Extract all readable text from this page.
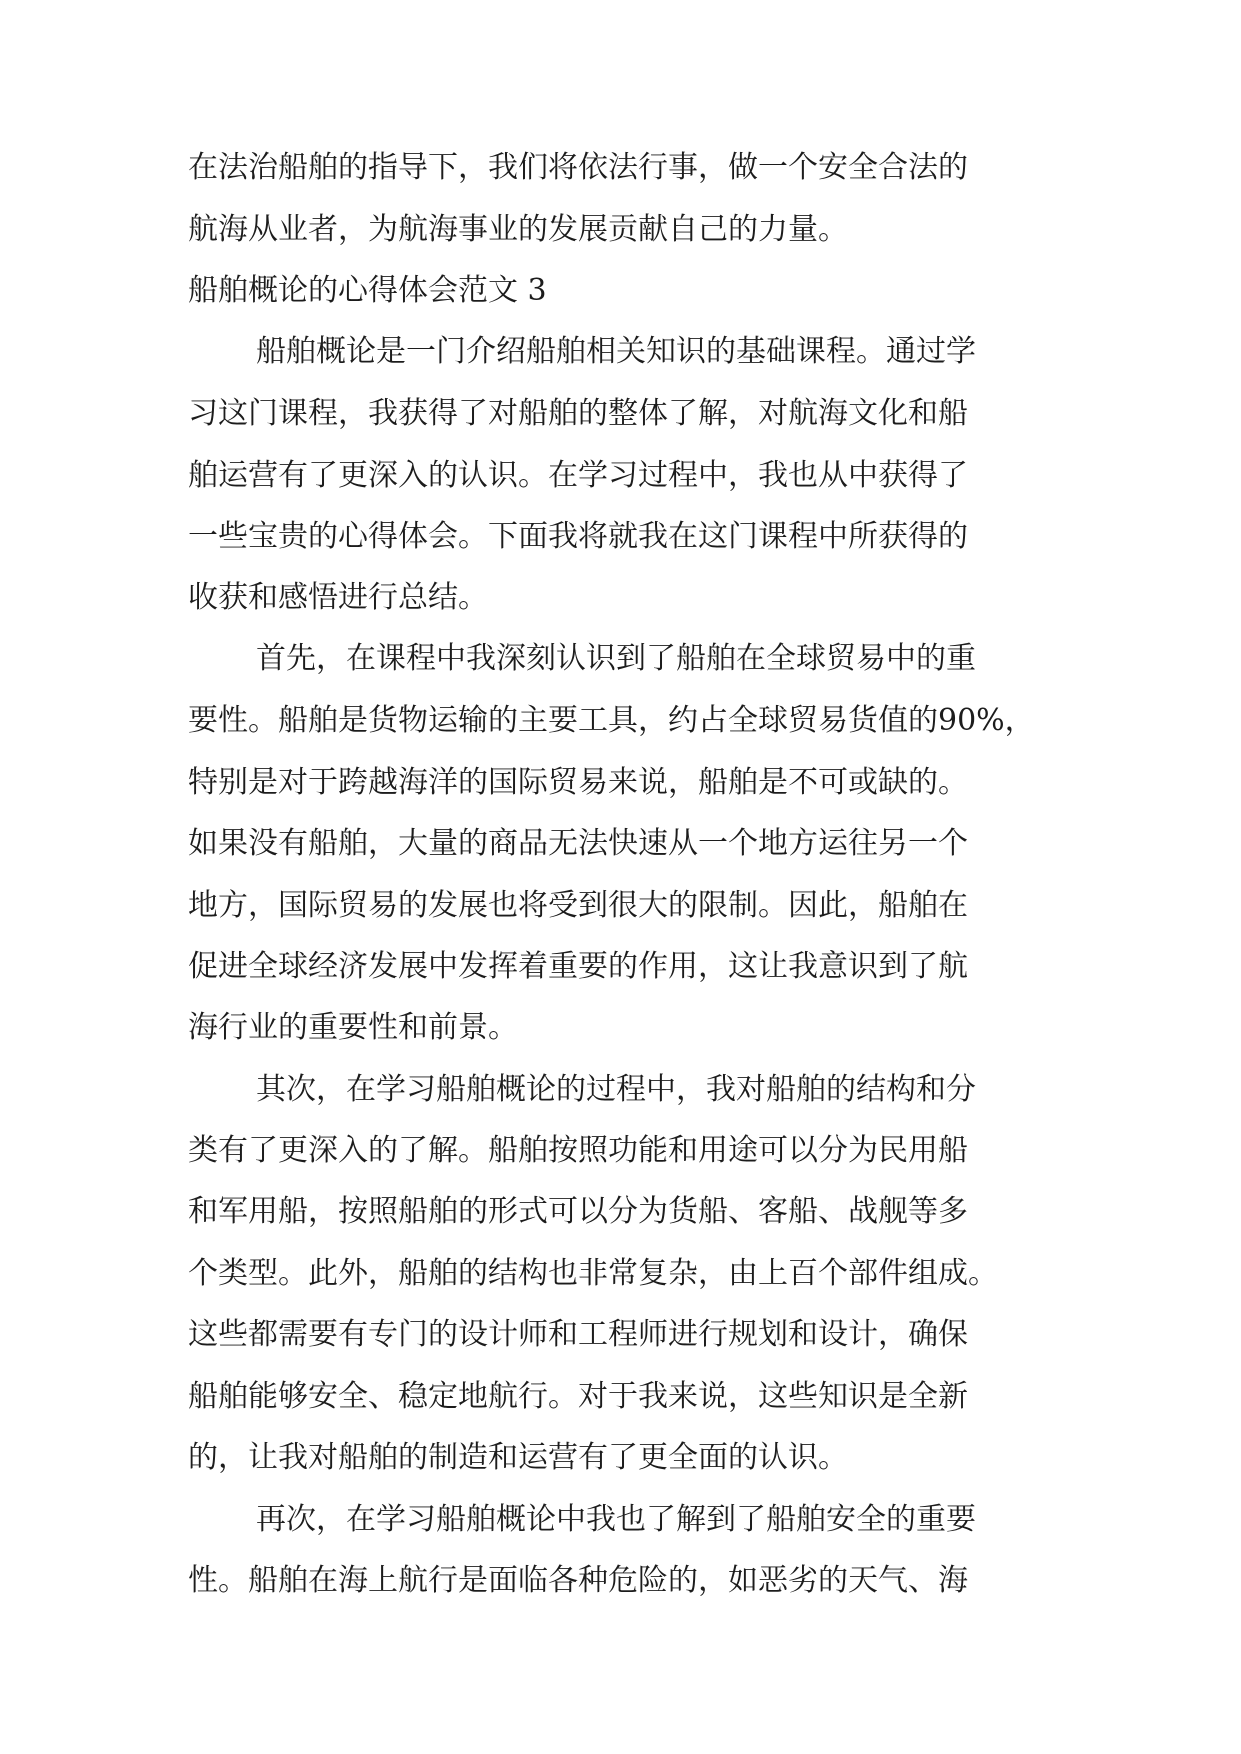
在法治船舶的指导下，我们将依法行事，做一个安全合法的
航海从业者，为航海事业的发展贡献自己的力量。
船舶概论的心得体会范文 3
船舶概论是一门介绍船舶相关知识的基础课程。通过学
习这门课程，我获得了对船舶的整体了解，对航海文化和船
舶运营有了更深入的认识。在学习过程中，我也从中获得了
一些宝贵的心得体会。下面我将就我在这门课程中所获得的
收获和感悟进行总结。
首先，在课程中我深刻认识到了船舶在全球贸易中的重
要性。船舶是货物运输的主要工具，约占全球贸易货值的90%，
特别是对于跨越海洋的国际贸易来说，船舶是不可或缺的。
如果没有船舶，大量的商品无法快速从一个地方运往另一个
地方，国际贸易的发展也将受到很大的限制。因此，船舶在
促进全球经济发展中发挥着重要的作用，这让我意识到了航
海行业的重要性和前景。
其次，在学习船舶概论的过程中，我对船舶的结构和分
类有了更深入的了解。船舶按照功能和用途可以分为民用船
和军用船，按照船舶的形式可以分为货船、客船、战舰等多
个类型。此外，船舶的结构也非常复杂，由上百个部件组成。
这些都需要有专门的设计师和工程师进行规划和设计，确保
船舶能够安全、稳定地航行。对于我来说，这些知识是全新
的，让我对船舶的制造和运营有了更全面的认识。
再次，在学习船舶概论中我也了解到了船舶安全的重要
性。船舶在海上航行是面临各种危险的，如恶劣的天气、海
